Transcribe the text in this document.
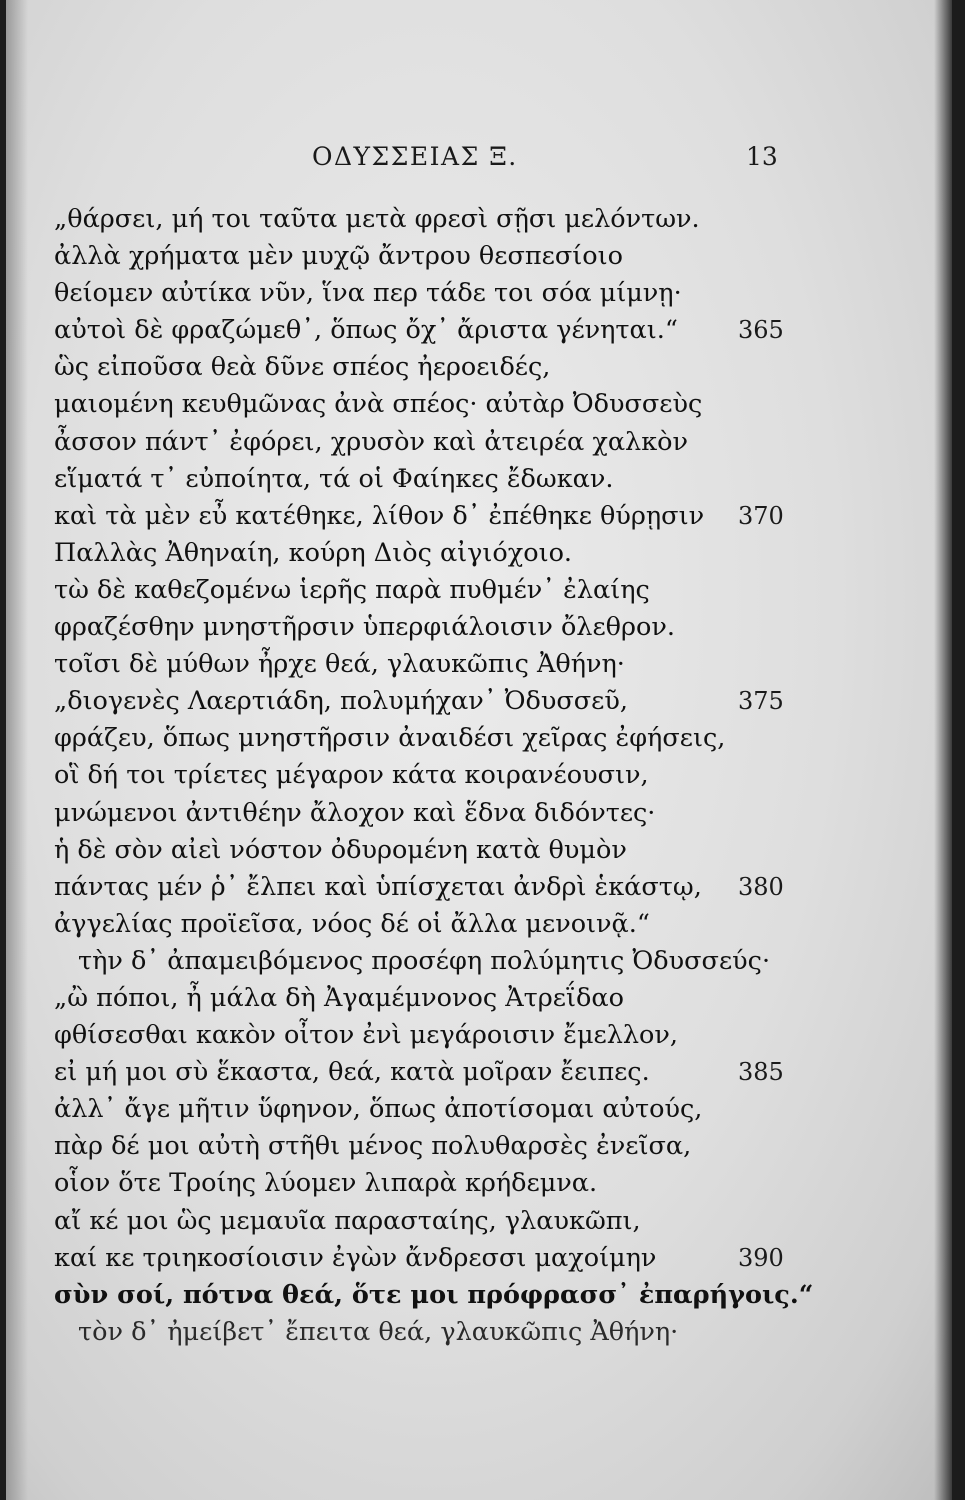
ΟΔΥΣΣΕΙΑΣ Ξ.	13
„θάρσει, μή τοι ταῦτα μετὰ φρεσὶ σῇσι μελόντων.
ἀλλὰ χρήματα μὲν μυχῷ ἄντρου θεσπεσίοιο
θείομεν αὐτίκα νῦν, ἵνα περ τάδε τοι σόα μίμνῃ·
αὐτοὶ δὲ φραζώμεθ᾽, ὅπως ὄχ᾽ ἄριστα γένηται.“	365
ὣς εἰποῦσα θεὰ δῦνε σπέος ἠεροειδές,
μαιομένη κευθμῶνας ἀνὰ σπέος· αὐτὰρ Ὀδυσσεὺς
ἆσσον πάντ᾽ ἐφόρει, χρυσὸν καὶ ἀτειρέα χαλκὸν
εἵματά τ᾽ εὐποίητα, τά οἱ Φαίηκες ἔδωκαν.
καὶ τὰ μὲν εὖ κατέθηκε, λίθον δ᾽ ἐπέθηκε θύρῃσιν 370
Παλλὰς Ἀθηναίη, κούρη Διὸς αἰγιόχοιο.
τὼ δὲ καθεζομένω ἱερῆς παρὰ πυθμέν᾽ ἐλαίης
φραζέσθην μνηστῆρσιν ὑπερφιάλοισιν ὄλεθρον.
τοῖσι δὲ μύθων ἦρχε θεά, γλαυκῶπις Ἀθήνη·
„διογενὲς Λαερτιάδη, πολυμήχαν᾽ Ὀδυσσεῦ,	375
φράζευ, ὅπως μνηστῆρσιν ἀναιδέσι χεῖρας ἐφήσεις,
οἳ δή τοι τρίετες μέγαρον κάτα κοιρανέουσιν,
μνώμενοι ἀντιθέην ἄλοχον καὶ ἕδνα διδόντες·
ἡ δὲ σὸν αἰεὶ νόστον ὀδυρομένη κατὰ θυμὸν
πάντας μέν ῥ᾽ ἔλπει καὶ ὑπίσχεται ἀνδρὶ ἑκάστῳ, 380
ἀγγελίας προϊεῖσα, νόος δέ οἱ ἄλλα μενοινᾷ.“
τὴν δ᾽ ἀπαμειβόμενος προσέφη πολύμητις Ὀδυσσεύς·
„ὢ πόποι, ἦ μάλα δὴ Ἀγαμέμνονος Ἀτρεΐδαο
φθίσεσθαι κακὸν οἶτον ἐνὶ μεγάροισιν ἔμελλον,
εἰ μή μοι σὺ ἕκαστα, θεά, κατὰ μοῖραν ἔειπες.	385
ἀλλ᾽ ἄγε μῆτιν ὕφηνον, ὅπως ἀποτίσομαι αὐτούς,
πὰρ δέ μοι αὐτὴ στῆθι μένος πολυθαρσὲς ἐνεῖσα,
οἷον ὅτε Τροίης λύομεν λιπαρὰ κρήδεμνα.
αἴ κέ μοι ὣς μεμαυῖα παρασταίης, γλαυκῶπι,
καί κε τριηκοσίοισιν ἐγὼν ἄνδρεσσι μαχοίμην	390
σὺν σοί, πότνα θεά, ὅτε μοι πρόφρασσ᾽ ἐπαρήγοις.“
τὸν δ᾽ ἠμείβετ᾽ ἔπειτα θεά, γλαυκῶπις Ἀθήνη·
